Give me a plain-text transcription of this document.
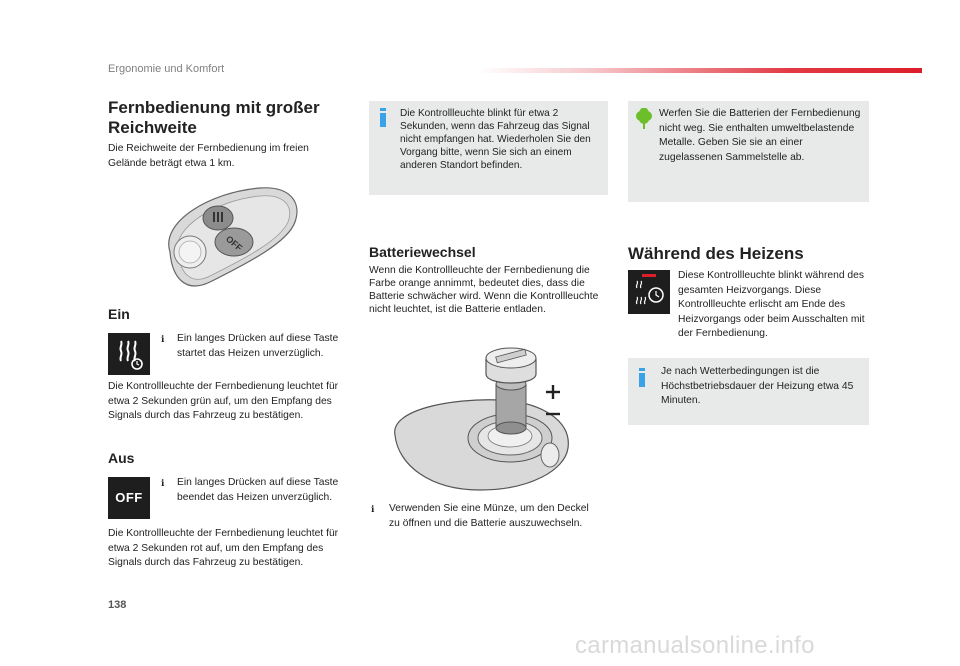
Ergonomie und Komfort
Fernbedienung mit großer Reichweite
Die Reichweite der Fernbedienung im freien Gelände beträgt etwa 1 km.
OFF
Ein
ℹ Ein langes Drücken auf diese Taste startet das Heizen unverzüglich.
Die Kontrollleuchte der Fernbedienung leuchtet für etwa 2 Sekunden grün auf, um den Empfang des Signals durch das Fahrzeug zu bestätigen.
Aus
OFF
ℹ Ein langes Drücken auf diese Taste beendet das Heizen unverzüglich.
Die Kontrollleuchte der Fernbedienung leuchtet für etwa 2 Sekunden rot auf, um den Empfang des Signals durch das Fahrzeug zu bestätigen.
138
Die Kontrollleuchte blinkt für etwa 2 Sekunden, wenn das Fahrzeug das Signal nicht empfangen hat. Wiederholen Sie den Vorgang bitte, wenn Sie sich an einem anderen Standort befinden.
Batteriewechsel
Wenn die Kontrollleuchte der Fernbedienung die Farbe orange annimmt, bedeutet dies, dass die Batterie schwächer wird. Wenn die Kontrollleuchte nicht leuchtet, ist die Batterie entladen.
ℹ Verwenden Sie eine Münze, um den Deckel zu öffnen und die Batterie auszuwechseln.
Werfen Sie die Batterien der Fernbedienung nicht weg. Sie enthalten umweltbelastende Metalle. Geben Sie sie an einer zugelassenen Sammelstelle ab.
Während des Heizens
Diese Kontrollleuchte blinkt während des gesamten Heizvorgangs. Diese Kontrollleuchte erlischt am Ende des Heizvorgangs oder beim Ausschalten mit der Fernbedienung.
Je nach Wetterbedingungen ist die Höchstbetriebsdauer der Heizung etwa 45 Minuten.
carmanualsonline.info
